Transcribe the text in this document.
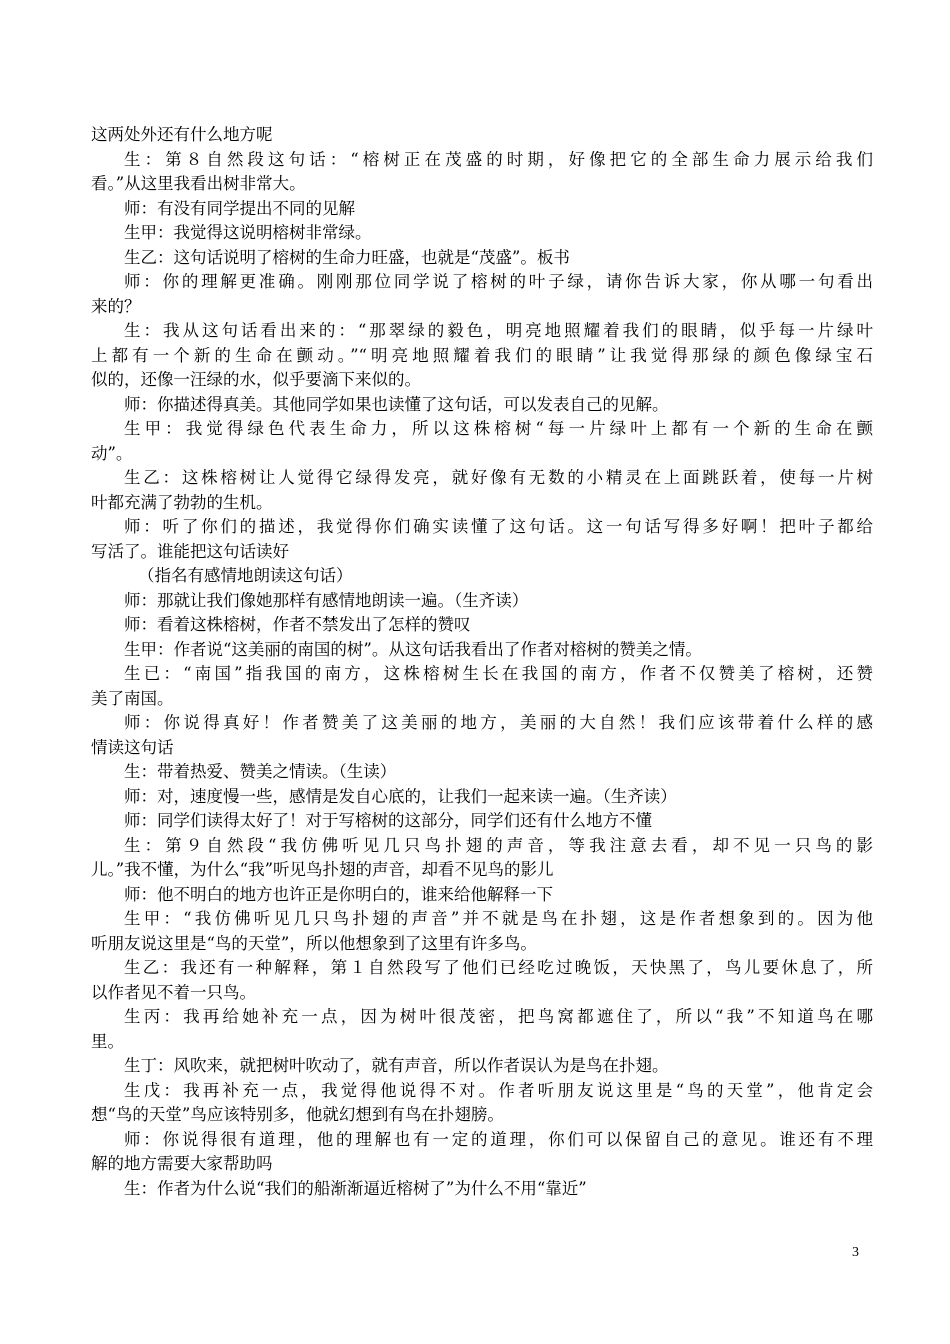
这两处外还有什么地方呢
生：第８自然段这句话：“榕树正在茂盛的时期，好像把它的全部生命力展示给我们
看。”从这里我看出树非常大。
师：有没有同学提出不同的见解
生甲：我觉得这说明榕树非常绿。
生乙：这句话说明了榕树的生命力旺盛，也就是“茂盛”。板书
师：你的理解更准确。刚刚那位同学说了榕树的叶子绿，请你告诉大家，你从哪一句看出
来的？
生：我从这句话看出来的：“那翠绿的毅色，明亮地照耀着我们的眼睛，似乎每一片绿叶
上都有一个新的生命在颤动。”“明亮地照耀着我们的眼睛”让我觉得那绿的颜色像绿宝石
似的，还像一汪绿的水，似乎要滴下来似的。
师：你描述得真美。其他同学如果也读懂了这句话，可以发表自己的见解。
生甲：我觉得绿色代表生命力，所以这株榕树“每一片绿叶上都有一个新的生命在颤
动”。
生乙：这株榕树让人觉得它绿得发亮，就好像有无数的小精灵在上面跳跃着，使每一片树
叶都充满了勃勃的生机。
师：听了你们的描述，我觉得你们确实读懂了这句话。这一句话写得多好啊！把叶子都给
写活了。谁能把这句话读好
（指名有感情地朗读这句话）
师：那就让我们像她那样有感情地朗读一遍。（生齐读）
师：看着这株榕树，作者不禁发出了怎样的赞叹
生甲：作者说“这美丽的南国的树”。从这句话我看出了作者对榕树的赞美之情。
生已：“南国”指我国的南方，这株榕树生长在我国的南方，作者不仅赞美了榕树，还赞
美了南国。
师：你说得真好！作者赞美了这美丽的地方，美丽的大自然！我们应该带着什么样的感
情读这句话
生：带着热爱、赞美之情读。（生读）
师：对，速度慢一些，感情是发自心底的，让我们一起来读一遍。（生齐读）
师：同学们读得太好了！对于写榕树的这部分，同学们还有什么地方不懂
生：第９自然段“我仿佛听见几只鸟扑翅的声音，等我注意去看，却不见一只鸟的影
儿。”我不懂，为什么“我”听见鸟扑翅的声音，却看不见鸟的影儿
师：他不明白的地方也许正是你明白的，谁来给他解释一下
生甲：“我仿佛听见几只鸟扑翅的声音”并不就是鸟在扑翅，这是作者想象到的。因为他
听朋友说这里是“鸟的天堂”，所以他想象到了这里有许多鸟。
生乙：我还有一种解释，第１自然段写了他们已经吃过晚饭，天快黑了，鸟儿要休息了，所
以作者见不着一只鸟。
生丙：我再给她补充一点，因为树叶很茂密，把鸟窝都遮住了，所以“我”不知道鸟在哪
里。
生丁：风吹来，就把树叶吹动了，就有声音，所以作者误认为是鸟在扑翅。
生戊：我再补充一点，我觉得他说得不对。作者听朋友说这里是“鸟的天堂”，他肯定会
想“鸟的天堂”鸟应该特别多，他就幻想到有鸟在扑翅膀。
师：你说得很有道理，他的理解也有一定的道理，你们可以保留自己的意见。谁还有不理
解的地方需要大家帮助吗
生：作者为什么说“我们的船渐渐逼近榕树了”为什么不用“靠近”
3
